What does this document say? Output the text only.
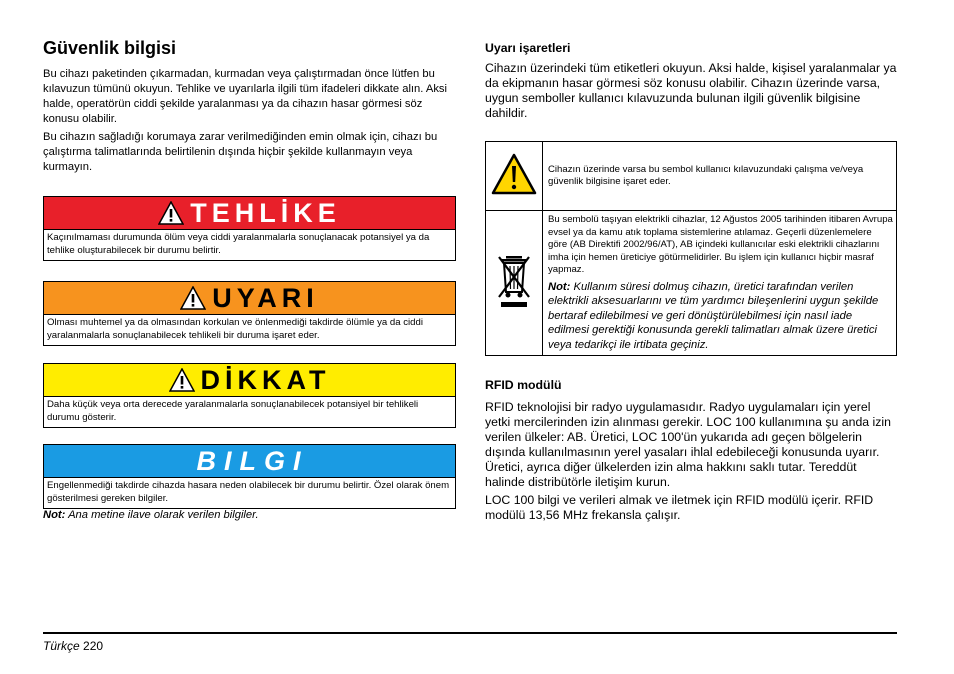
Güvenlik bilgisi

Bu cihazı paketinden çıkarmadan, kurmadan veya çalıştırmadan önce lütfen bu kılavuzun tümünü okuyun. Tehlike ve uyarılarla ilgili tüm ifadeleri dikkate alın. Aksi halde, operatörün ciddi şekilde yaralanması ya da cihazın hasar görmesi söz konusu olabilir.

Bu cihazın sağladığı korumaya zarar verilmediğinden emin olmak için, cihazı bu çalıştırma talimatlarında belirtilenin dışında hiçbir şekilde kullanmayın veya kurmayın.

TEHLİKE
Kaçınılmaması durumunda ölüm veya ciddi yaralanmalarla sonuçlanacak potansiyel ya da tehlike oluşturabilecek bir durumu belirtir.
UYARI
Olması muhtemel ya da olmasından korkulan ve önlenmediği takdirde ölümle ya da ciddi yaralanmalarla sonuçlanabilecek tehlikeli bir duruma işaret eder.
DİKKAT
Daha küçük veya orta derecede yaralanmalarla sonuçlanabilecek potansiyel bir tehlikeli durumu gösterir.
BILGI
Engellenmediği takdirde cihazda hasara neden olabilecek bir durumu belirtir. Özel olarak önem gösterilmesi gereken bilgiler.
Not: Ana metine ilave olarak verilen bilgiler.
Uyarı işaretleri

Cihazın üzerindeki tüm etiketleri okuyun. Aksi halde, kişisel yaralanmalar ya da ekipmanın hasar görmesi söz konusu olabilir. Cihazın üzerinde varsa, uygun semboller kullanıcı kılavuzunda bulunan ilgili güvenlik bilgisine dahildir.

	Cihazın üzerinde varsa bu sembol kullanıcı kılavuzundaki çalışma ve/veya güvenlik bilgisine işaret eder.

Bu sembolü taşıyan elektrikli cihazlar, 12 Ağustos 2005 tarihinden itibaren Avrupa evsel ya da kamu atık toplama sistemlerine atılamaz. Geçerli düzenlemelere göre (AB Direktifi 2002/96/AT), AB içindeki kullanıcılar eski elektrikli cihazlarını imha için hemen üreticiye götürmelidirler. Bu işlem için kullanıcı hiçbir masraf yapmaz.
Not: Kullanım süresi dolmuş cihazın, üretici tarafından verilen elektrikli aksesuarlarını ve tüm yardımcı bileşenlerini uygun şekilde bertaraf edilebilmesi ve geri dönüştürülebilmesi için nasıl iade edilmesi gerektiği konusunda gerekli talimatları almak üzere üretici veya tedarikçi ile irtibata geçiniz.
RFID modülü

RFID teknolojisi bir radyo uygulamasıdır. Radyo uygulamaları için yerel yetki mercilerinden izin alınması gerekir. LOC 100 kullanımına şu anda izin verilen ülkeler: AB. Üretici, LOC 100'ün yukarıda adı geçen bölgelerin dışında kullanılmasının yerel yasaları ihlal edebileceği konusunda uyarır. Üretici, ayrıca diğer ülkelerden izin alma hakkını saklı tutar. Tereddüt halinde distribütörle iletişim kurun.

LOC 100 bilgi ve verileri almak ve iletmek için RFID modülü içerir. RFID modülü 13,56 MHz frekansla çalışır.

Türkçe 220
